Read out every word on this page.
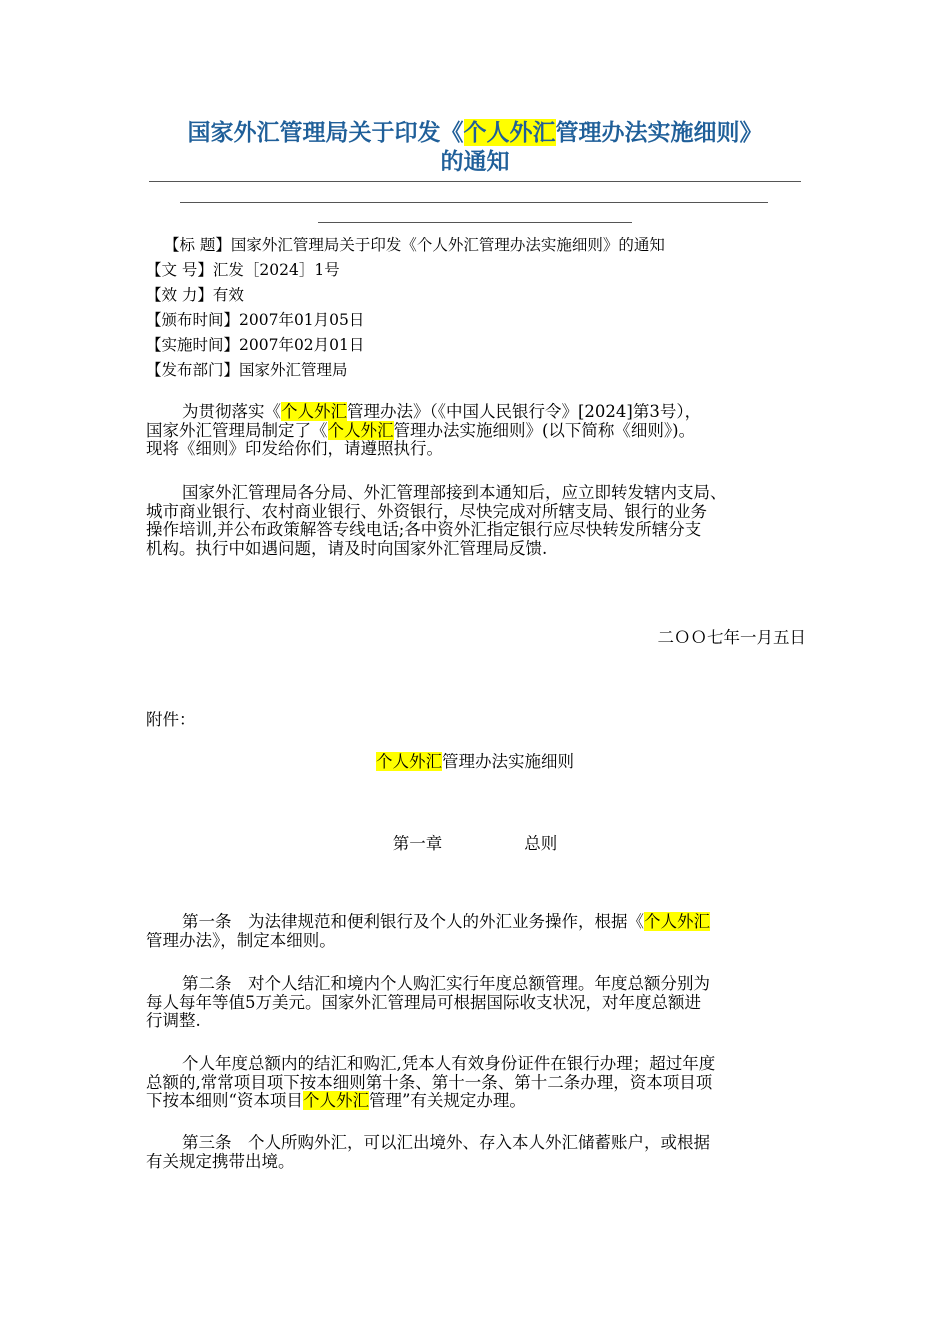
国家外汇管理局关于印发《个人外汇管理办法实施细则》
的通知
【标 题】国家外汇管理局关于印发《个人外汇管理办法实施细则》的通知
【文 号】汇发［2024］1号
【效 力】有效
【颁布时间】2007年01月05日
【实施时间】2007年02月01日
【发布部门】国家外汇管理局
为贯彻落实《个人外汇管理办法》（《中国人民银行令》[2024]第3号），
国家外汇管理局制定了《个人外汇管理办法实施细则》(以下简称《细则》)。
现将《细则》印发给你们，请遵照执行。
国家外汇管理局各分局、外汇管理部接到本通知后，应立即转发辖内支局、
城市商业银行、农村商业银行、外资银行，尽快完成对所辖支局、银行的业务
操作培训,并公布政策解答专线电话;各中资外汇指定银行应尽快转发所辖分支
机构。执行中如遇问题，请及时向国家外汇管理局反馈.
二ＯＯ七年一月五日
附件：
个人外汇管理办法实施细则
第一章	总则
第一条　为法律规范和便利银行及个人的外汇业务操作，根据《个人外汇
管理办法》，制定本细则。
第二条　对个人结汇和境内个人购汇实行年度总额管理。年度总额分别为
每人每年等值5万美元。国家外汇管理局可根据国际收支状况，对年度总额进
行调整.
个人年度总额内的结汇和购汇,凭本人有效身份证件在银行办理；超过年度
总额的,常常项目项下按本细则第十条、第十一条、第十二条办理，资本项目项
下按本细则“资本项目个人外汇管理”有关规定办理。
第三条　个人所购外汇，可以汇出境外、存入本人外汇储蓄账户，或根据
有关规定携带出境。
